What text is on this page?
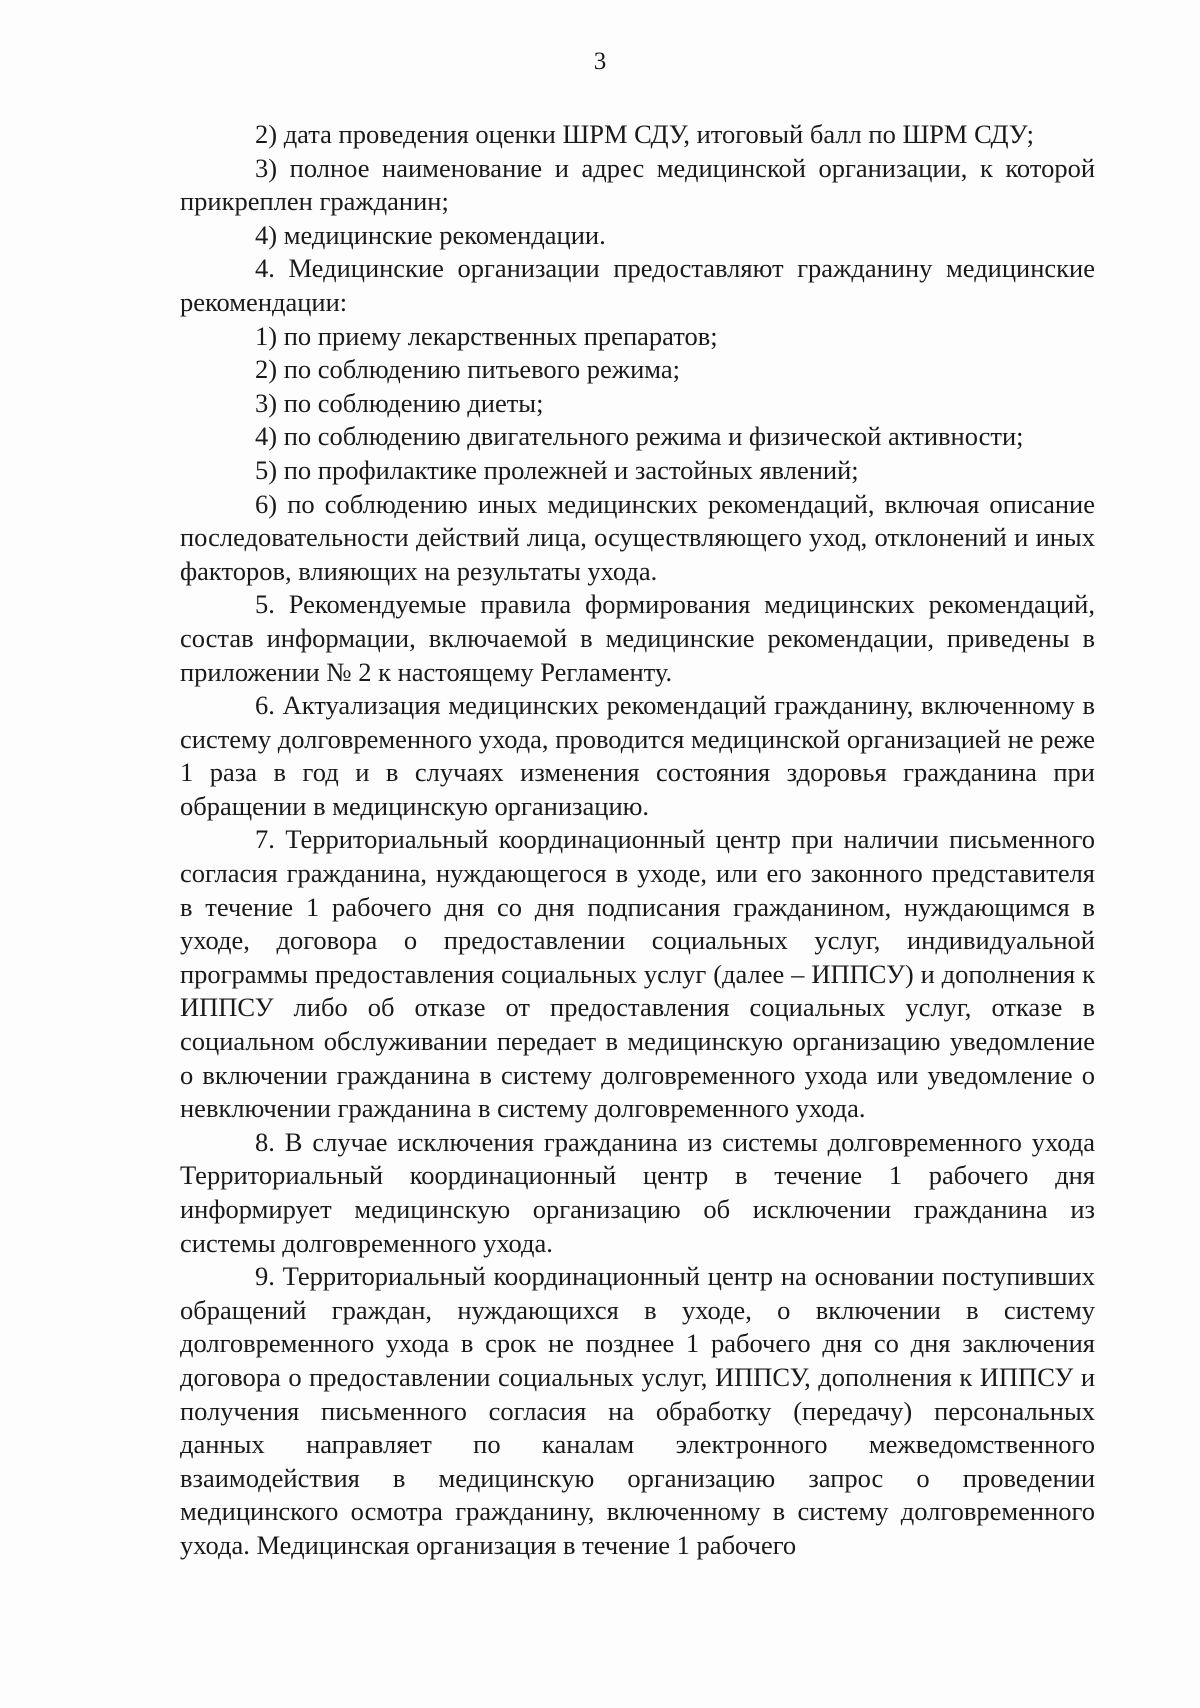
3

2) дата проведения оценки ШРМ СДУ, итоговый балл по ШРМ СДУ;

3) полное наименование и адрес медицинской организации, к которой прикреплен гражданин;

4) медицинские рекомендации.

4. Медицинские организации предоставляют гражданину медицинские рекомендации:

1) по приему лекарственных препаратов;

2) по соблюдению питьевого режима;

3) по соблюдению диеты;

4) по соблюдению двигательного режима и физической активности;

5) по профилактике пролежней и застойных явлений;

6) по соблюдению иных медицинских рекомендаций, включая описание последовательности действий лица, осуществляющего уход, отклонений и иных факторов, влияющих на результаты ухода.

5. Рекомендуемые правила формирования медицинских рекомендаций, состав информации, включаемой в медицинские рекомендации, приведены в приложении № 2 к настоящему Регламенту.

6. Актуализация медицинских рекомендаций гражданину, включенному в систему долговременного ухода, проводится медицинской организацией не реже 1 раза в год и в случаях изменения состояния здоровья гражданина при обращении в медицинскую организацию.

7. Территориальный координационный центр при наличии письменного согласия гражданина, нуждающегося в уходе, или его законного представителя в течение 1 рабочего дня со дня подписания гражданином, нуждающимся в уходе, договора о предоставлении социальных услуг, индивидуальной программы предоставления социальных услуг (далее – ИППСУ) и дополнения к ИППСУ либо об отказе от предоставления социальных услуг, отказе в социальном обслуживании передает в медицинскую организацию уведомление о включении гражданина в систему долговременного ухода или уведомление о невключении гражданина в систему долговременного ухода.

8. В случае исключения гражданина из системы долговременного ухода Территориальный координационный центр в течение 1 рабочего дня информирует медицинскую организацию об исключении гражданина из системы долговременного ухода.

9. Территориальный координационный центр на основании поступивших обращений граждан, нуждающихся в уходе, о включении в систему долговременного ухода в срок не позднее 1 рабочего дня со дня заключения договора о предоставлении социальных услуг, ИППСУ, дополнения к ИППСУ и получения письменного согласия на обработку (передачу) персональных данных направляет по каналам электронного межведомственного взаимодействия в медицинскую организацию запрос о проведении медицинского осмотра гражданину, включенному в систему долговременного ухода. Медицинская организация в течение 1 рабочего
